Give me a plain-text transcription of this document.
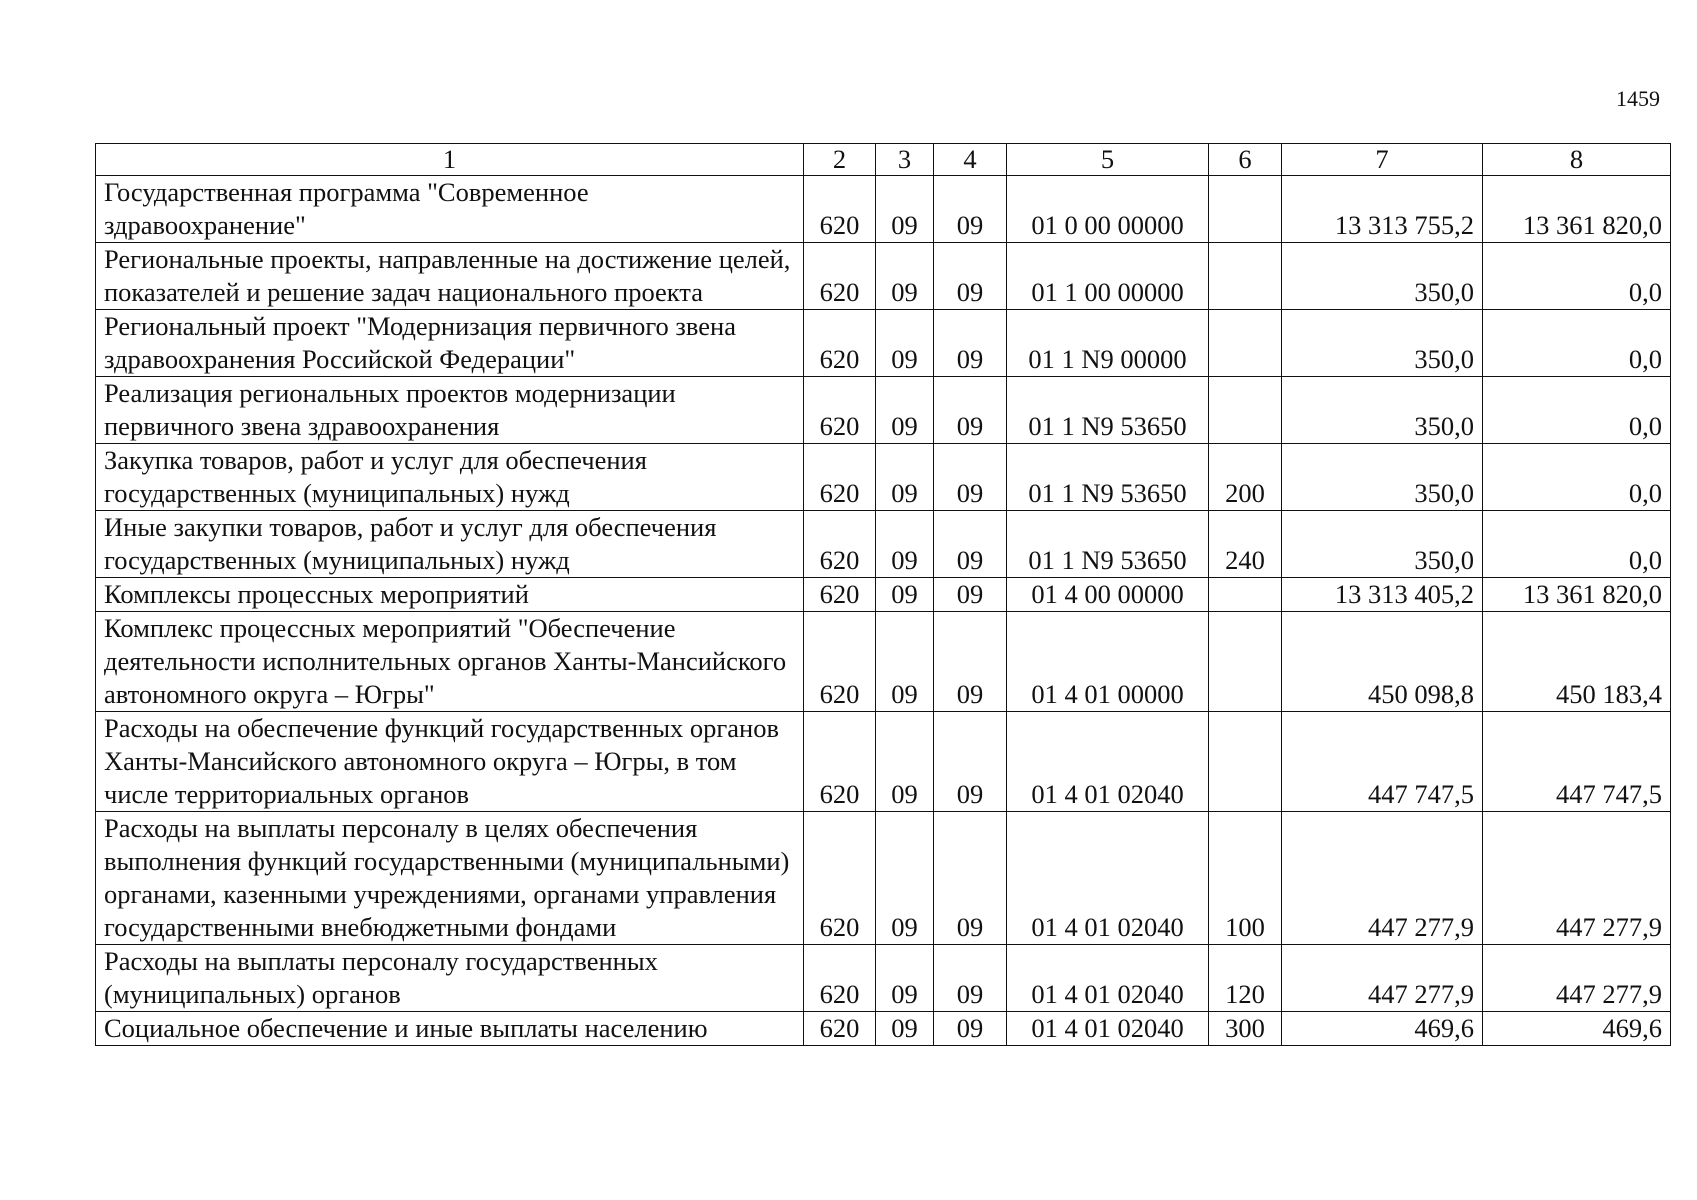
1459
1	2	3	4	5	6	7	8
Государственная программа "Современное здравоохранение"	620	09	09	01 0 00 00000		13 313 755,2	13 361 820,0
Региональные проекты, направленные на достижение целей, показателей и решение задач национального проекта	620	09	09	01 1 00 00000		350,0	0,0
Региональный проект "Модернизация первичного звена здравоохранения Российской Федерации"	620	09	09	01 1 N9 00000		350,0	0,0
Реализация региональных проектов модернизации первичного звена здравоохранения	620	09	09	01 1 N9 53650		350,0	0,0
Закупка товаров, работ и услуг для обеспечения государственных (муниципальных) нужд	620	09	09	01 1 N9 53650	200	350,0	0,0
Иные закупки товаров, работ и услуг для обеспечения государственных (муниципальных) нужд	620	09	09	01 1 N9 53650	240	350,0	0,0
Комплексы процессных мероприятий	620	09	09	01 4 00 00000		13 313 405,2	13 361 820,0
Комплекс процессных мероприятий "Обеспечение деятельности исполнительных органов Ханты-Мансийского автономного округа – Югры"	620	09	09	01 4 01 00000		450 098,8	450 183,4
Расходы на обеспечение функций государственных органов Ханты-Мансийского автономного округа – Югры, в том числе территориальных органов	620	09	09	01 4 01 02040		447 747,5	447 747,5
Расходы на выплаты персоналу в целях обеспечения выполнения функций государственными (муниципальными) органами, казенными учреждениями, органами управления государственными внебюджетными фондами	620	09	09	01 4 01 02040	100	447 277,9	447 277,9
Расходы на выплаты персоналу государственных (муниципальных) органов	620	09	09	01 4 01 02040	120	447 277,9	447 277,9
Социальное обеспечение и иные выплаты населению	620	09	09	01 4 01 02040	300	469,6	469,6
